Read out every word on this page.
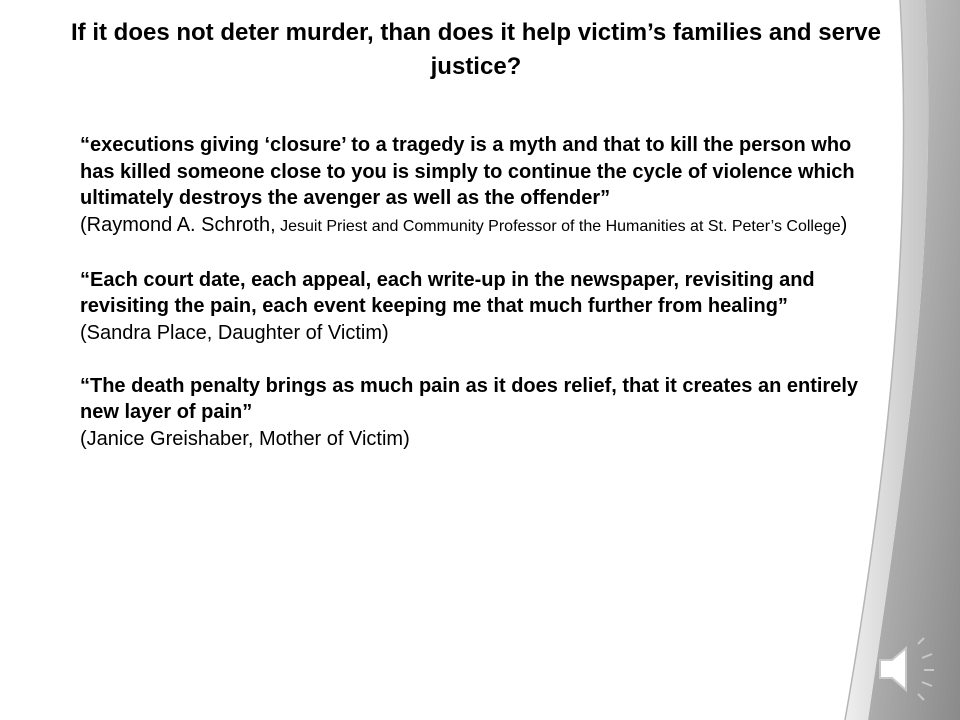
If it does not deter murder, than does it help victim’s families and serve justice?
“executions giving ‘closure’ to a tragedy is a myth and that to kill the person who has killed someone close to you is simply to continue the cycle of violence which ultimately destroys the avenger as well as the offender”
(Raymond A. Schroth, Jesuit Priest and Community Professor of the Humanities at St. Peter’s College)
“Each court date, each appeal, each write-up in the newspaper, revisiting and revisiting the pain, each event keeping me that much further from healing”
(Sandra Place, Daughter of Victim)
“The death penalty brings as much pain as it does relief, that it creates an entirely new layer of pain”
(Janice Greishaber, Mother of Victim)
